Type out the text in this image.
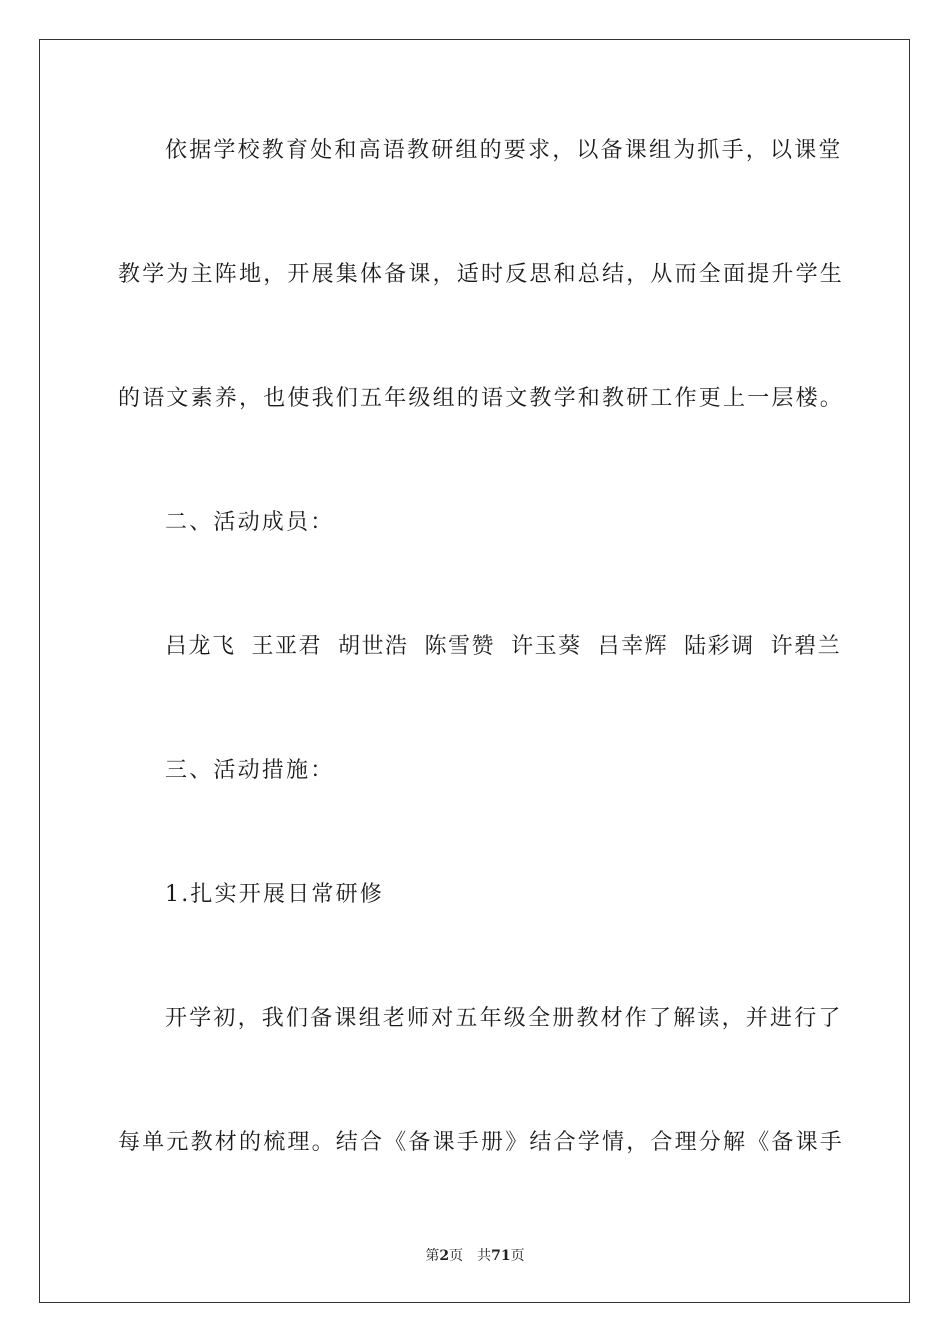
依据学校教育处和高语教研组的要求，以备课组为抓手，以课堂
教学为主阵地，开展集体备课，适时反思和总结，从而全面提升学生
的语文素养，也使我们五年级组的语文教学和教研工作更上一层楼。
二、活动成员：
吕龙飞 王亚君 胡世浩 陈雪赞 许玉葵 吕幸辉 陆彩调 许碧兰
三、活动措施：
1.扎实开展日常研修
开学初，我们备课组老师对五年级全册教材作了解读，并进行了
每单元教材的梳理。结合《备课手册》结合学情，合理分解《备课手
第2页 共71页
